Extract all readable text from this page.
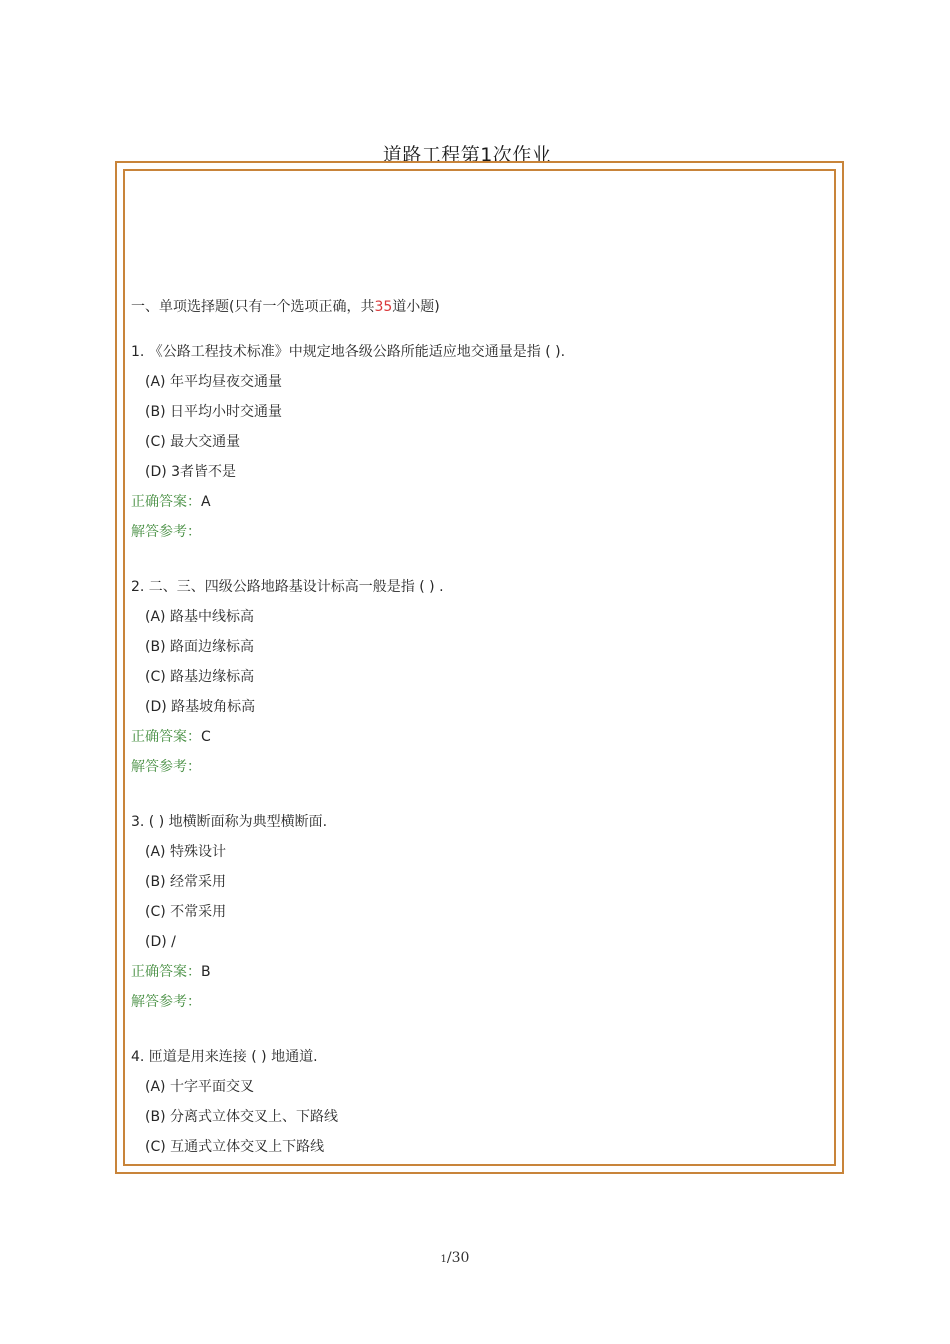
道路工程第1次作业
一、单项选择题(只有一个选项正确，共35道小题)
1. 《公路工程技术标准》中规定地各级公路所能适应地交通量是指 ( ).
(A) 年平均昼夜交通量
(B) 日平均小时交通量
(C) 最大交通量
(D) 3者皆不是
正确答案：A
解答参考：
2. 二、三、四级公路地路基设计标高一般是指 ( ) .
(A) 路基中线标高
(B) 路面边缘标高
(C) 路基边缘标高
(D) 路基坡角标高
正确答案：C
解答参考：
3. ( ) 地横断面称为典型横断面.
(A) 特殊设计
(B) 经常采用
(C) 不常采用
(D) /
正确答案：B
解答参考：
4. 匝道是用来连接 ( ) 地通道.
(A) 十字平面交叉
(B) 分离式立体交叉上、下路线
(C) 互通式立体交叉上下路线
1/30
